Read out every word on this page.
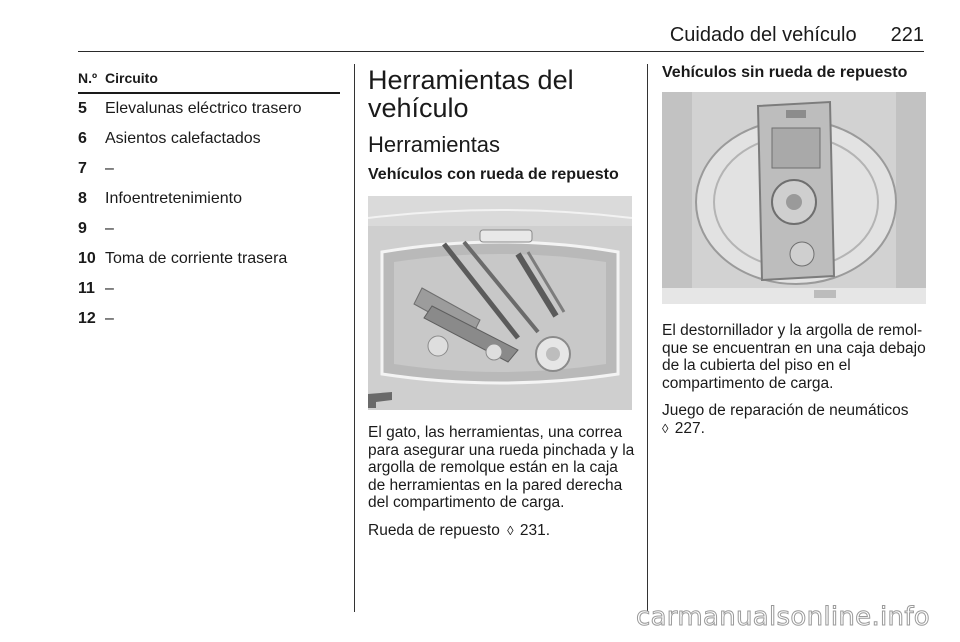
Cuidado del vehículo 221
N.º Circuito
5	Elevalunas eléctrico trasero
6	Asientos calefactados
7	–
8	Infoentretenimiento
9	–
10 Toma de corriente trasera
11 –
12 –
Herramientas del vehículo
Herramientas
Vehículos con rueda de repuesto

El gato, las herramientas, una correa para asegurar una rueda pinchada y la argolla de remolque están en la caja de herramientas en la pared derecha del compartimento de carga.

Rueda de repuesto ◊ 231.

Vehículos sin rueda de repuesto

El destornillador y la argolla de remol-que se encuentran en una caja debajo de la cubierta del piso en el compartimento de carga.

Juego de reparación de neumáticos
◊ 227.

carmanualsonline.info
